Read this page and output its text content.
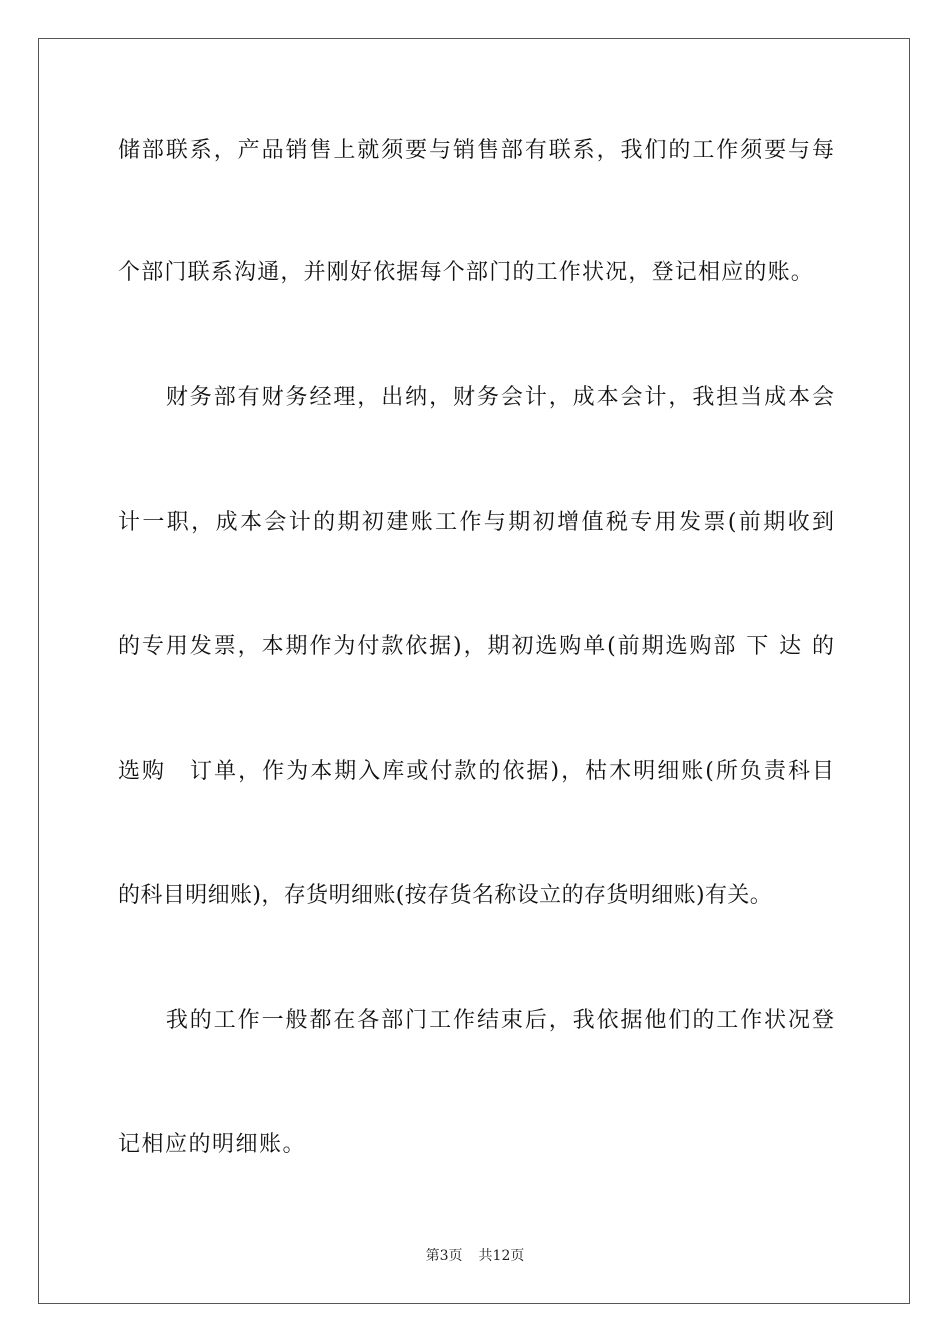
储部联系，产品销售上就须要与销售部有联系，我们的工作须要与每
个部门联系沟通，并刚好依据每个部门的工作状况，登记相应的账。
　　财务部有财务经理，出纳，财务会计，成本会计，我担当成本会
计一职，成本会计的期初建账工作与期初增值税专用发票(前期收到
的专用发票，本期作为付款依据)，期初选购单(前期选购部 下 达 的
选购　订单，作为本期入库或付款的依据)，枯木明细账(所负责科目
的科目明细账)，存货明细账(按存货名称设立的存货明细账)有关。
　　我的工作一般都在各部门工作结束后，我依据他们的工作状况登
记相应的明细账。
第3页 共12页
